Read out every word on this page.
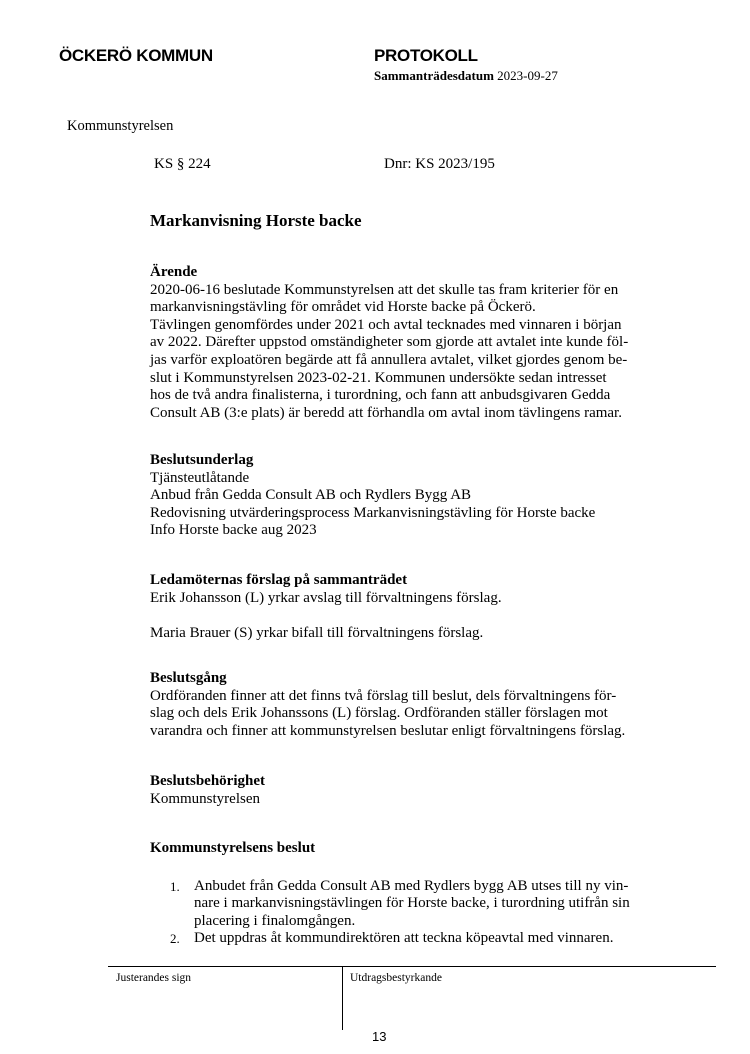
ÖCKERÖ KOMMUN	PROTOKOLL
Sammanträdesdatum 2023-09-27
Kommunstyrelsen
KS § 224	Dnr: KS 2023/195
Markanvisning Horste backe
Ärende

2020-06-16 beslutade Kommunstyrelsen att det skulle tas fram kriterier för en
markanvisningstävling för området vid Horste backe på Öckerö.
Tävlingen genomfördes under 2021 och avtal tecknades med vinnaren i början
av 2022. Därefter uppstod omständigheter som gjorde att avtalet inte kunde föl-
jas varför exploatören begärde att få annullera avtalet, vilket gjordes genom be-
slut i Kommunstyrelsen 2023-02-21. Kommunen undersökte sedan intresset
hos de två andra finalisterna, i turordning, och fann att anbudsgivaren Gedda
Consult AB (3:e plats) är beredd att förhandla om avtal inom tävlingens ramar.

Beslutsunderlag
Tjänsteutlåtande
Anbud från Gedda Consult AB och Rydlers Bygg AB
Redovisning utvärderingsprocess Markanvisningstävling för Horste backe
Info Horste backe aug 2023
Ledamöternas förslag på sammanträdet
Erik Johansson (L) yrkar avslag till förvaltningens förslag.
Maria Brauer (S) yrkar bifall till förvaltningens förslag.
Beslutsgång
Ordföranden finner att det finns två förslag till beslut, dels förvaltningens för-
slag och dels Erik Johanssons (L) förslag. Ordföranden ställer förslagen mot
varandra och finner att kommunstyrelsen beslutar enligt förvaltningens förslag.
Beslutsbehörighet
Kommunstyrelsen
Kommunstyrelsens beslut
1. Anbudet från Gedda Consult AB med Rydlers bygg AB utses till ny vin-
nare i markanvisningstävlingen för Horste backe, i turordning utifrån sin
placering i finalomgången.
2. Det uppdras åt kommundirektören att teckna köpeavtal med vinnaren.
Justerandes sign	Utdragsbestyrkande
13
